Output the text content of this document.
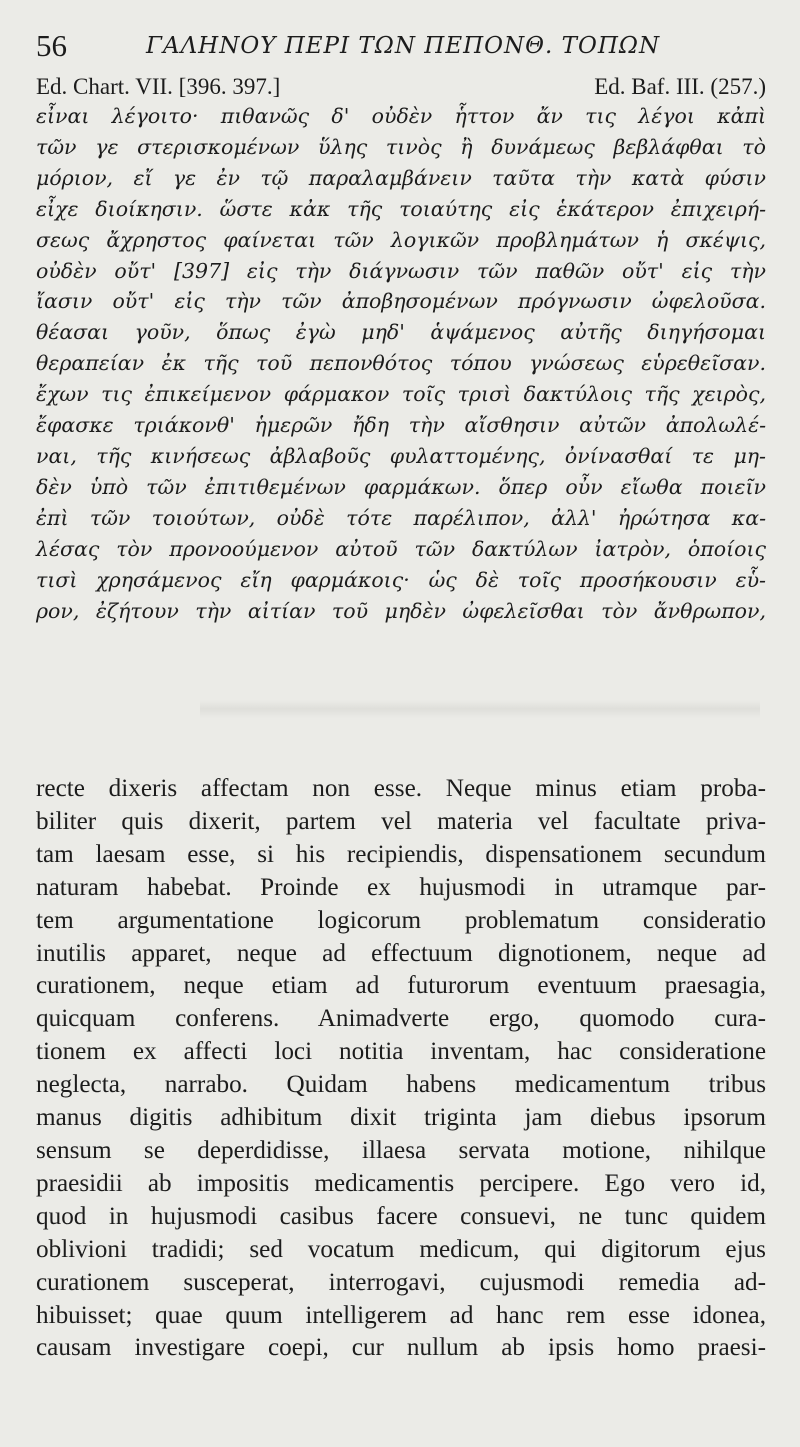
56	ΓΑΛΗΝΟΥ ΠΕΡΙ ΤΩΝ ΠΕΠΟΝΘ. ΤΟΠΩΝ
Ed. Chart. VII. [396. 397.]	Ed. Baf. III. (257.)
εἶναι λέγοιτο· πιθανῶς δ' οὐδὲν ἧττον ἄν τις λέγοι κἀπὶ
τῶν γε στερισκομένων ὕλης τινὸς ἢ δυνάμεως βεβλάφθαι τὸ
μόριον, εἴ γε ἐν τῷ παραλαμβάνειν ταῦτα τὴν κατὰ φύσιν
εἶχε διοίκησιν. ὥστε κἀκ τῆς τοιαύτης εἰς ἑκάτερον ἐπιχειρή-
σεως ἄχρηστος φαίνεται τῶν λογικῶν προβλημάτων ἡ σκέψις,
οὐδὲν οὔτ' [397] εἰς τὴν διάγνωσιν τῶν παθῶν οὔτ' εἰς τὴν
ἴασιν οὔτ' εἰς τὴν τῶν ἀποβησομένων πρόγνωσιν ὠφελοῦσα.
θέασαι γοῦν, ὅπως ἐγὼ μηδ' ἁψάμενος αὐτῆς διηγήσομαι
θεραπείαν ἐκ τῆς τοῦ πεπονθότος τόπου γνώσεως εὑρεθεῖσαν.
ἔχων τις ἐπικείμενον φάρμακον τοῖς τρισὶ δακτύλοις τῆς χειρὸς,
ἔφασκε τριάκονθ' ἡμερῶν ἤδη τὴν αἴσθησιν αὐτῶν ἀπολωλέ-
ναι, τῆς κινήσεως ἀβλαβοῦς φυλαττομένης, ὀνίνασθαί τε μη-
δὲν ὑπὸ τῶν ἐπιτιθεμένων φαρμάκων. ὅπερ οὖν εἴωθα ποιεῖν
ἐπὶ τῶν τοιούτων, οὐδὲ τότε παρέλιπον, ἀλλ' ἠρώτησα κα-
λέσας τὸν προνοούμενον αὐτοῦ τῶν δακτύλων ἰατρὸν, ὁποίοις
τισὶ χρησάμενος εἴη φαρμάκοις· ὡς δὲ τοῖς προσήκουσιν εὗ-
ρον, ἐζήτουν τὴν αἰτίαν τοῦ μηδὲν ὠφελεῖσθαι τὸν ἄνθρωπον,
recte dixeris affectam non esse. Neque minus etiam proba-
biliter quis dixerit, partem vel materia vel facultate priva-
tam laesam esse, si his recipiendis, dispensationem secundum
naturam habebat. Proinde ex hujusmodi in utramque par-
tem argumentatione logicorum problematum consideratio
inutilis apparet, neque ad effectuum dignotionem, neque ad
curationem, neque etiam ad futurorum eventuum praesagia,
quicquam conferens. Animadverte ergo, quomodo cura-
tionem ex affecti loci notitia inventam, hac consideratione
neglecta, narrabo. Quidam habens medicamentum tribus
manus digitis adhibitum dixit triginta jam diebus ipsorum
sensum se deperdidisse, illaesa servata motione, nihilque
praesidii ab impositis medicamentis percipere. Ego vero id,
quod in hujusmodi casibus facere consuevi, ne tunc quidem
oblivioni tradidi; sed vocatum medicum, qui digitorum ejus
curationem susceperat, interrogavi, cujusmodi remedia ad-
hibuisset; quae quum intelligerem ad hanc rem esse idonea,
causam investigare coepi, cur nullum ab ipsis homo praesi-
